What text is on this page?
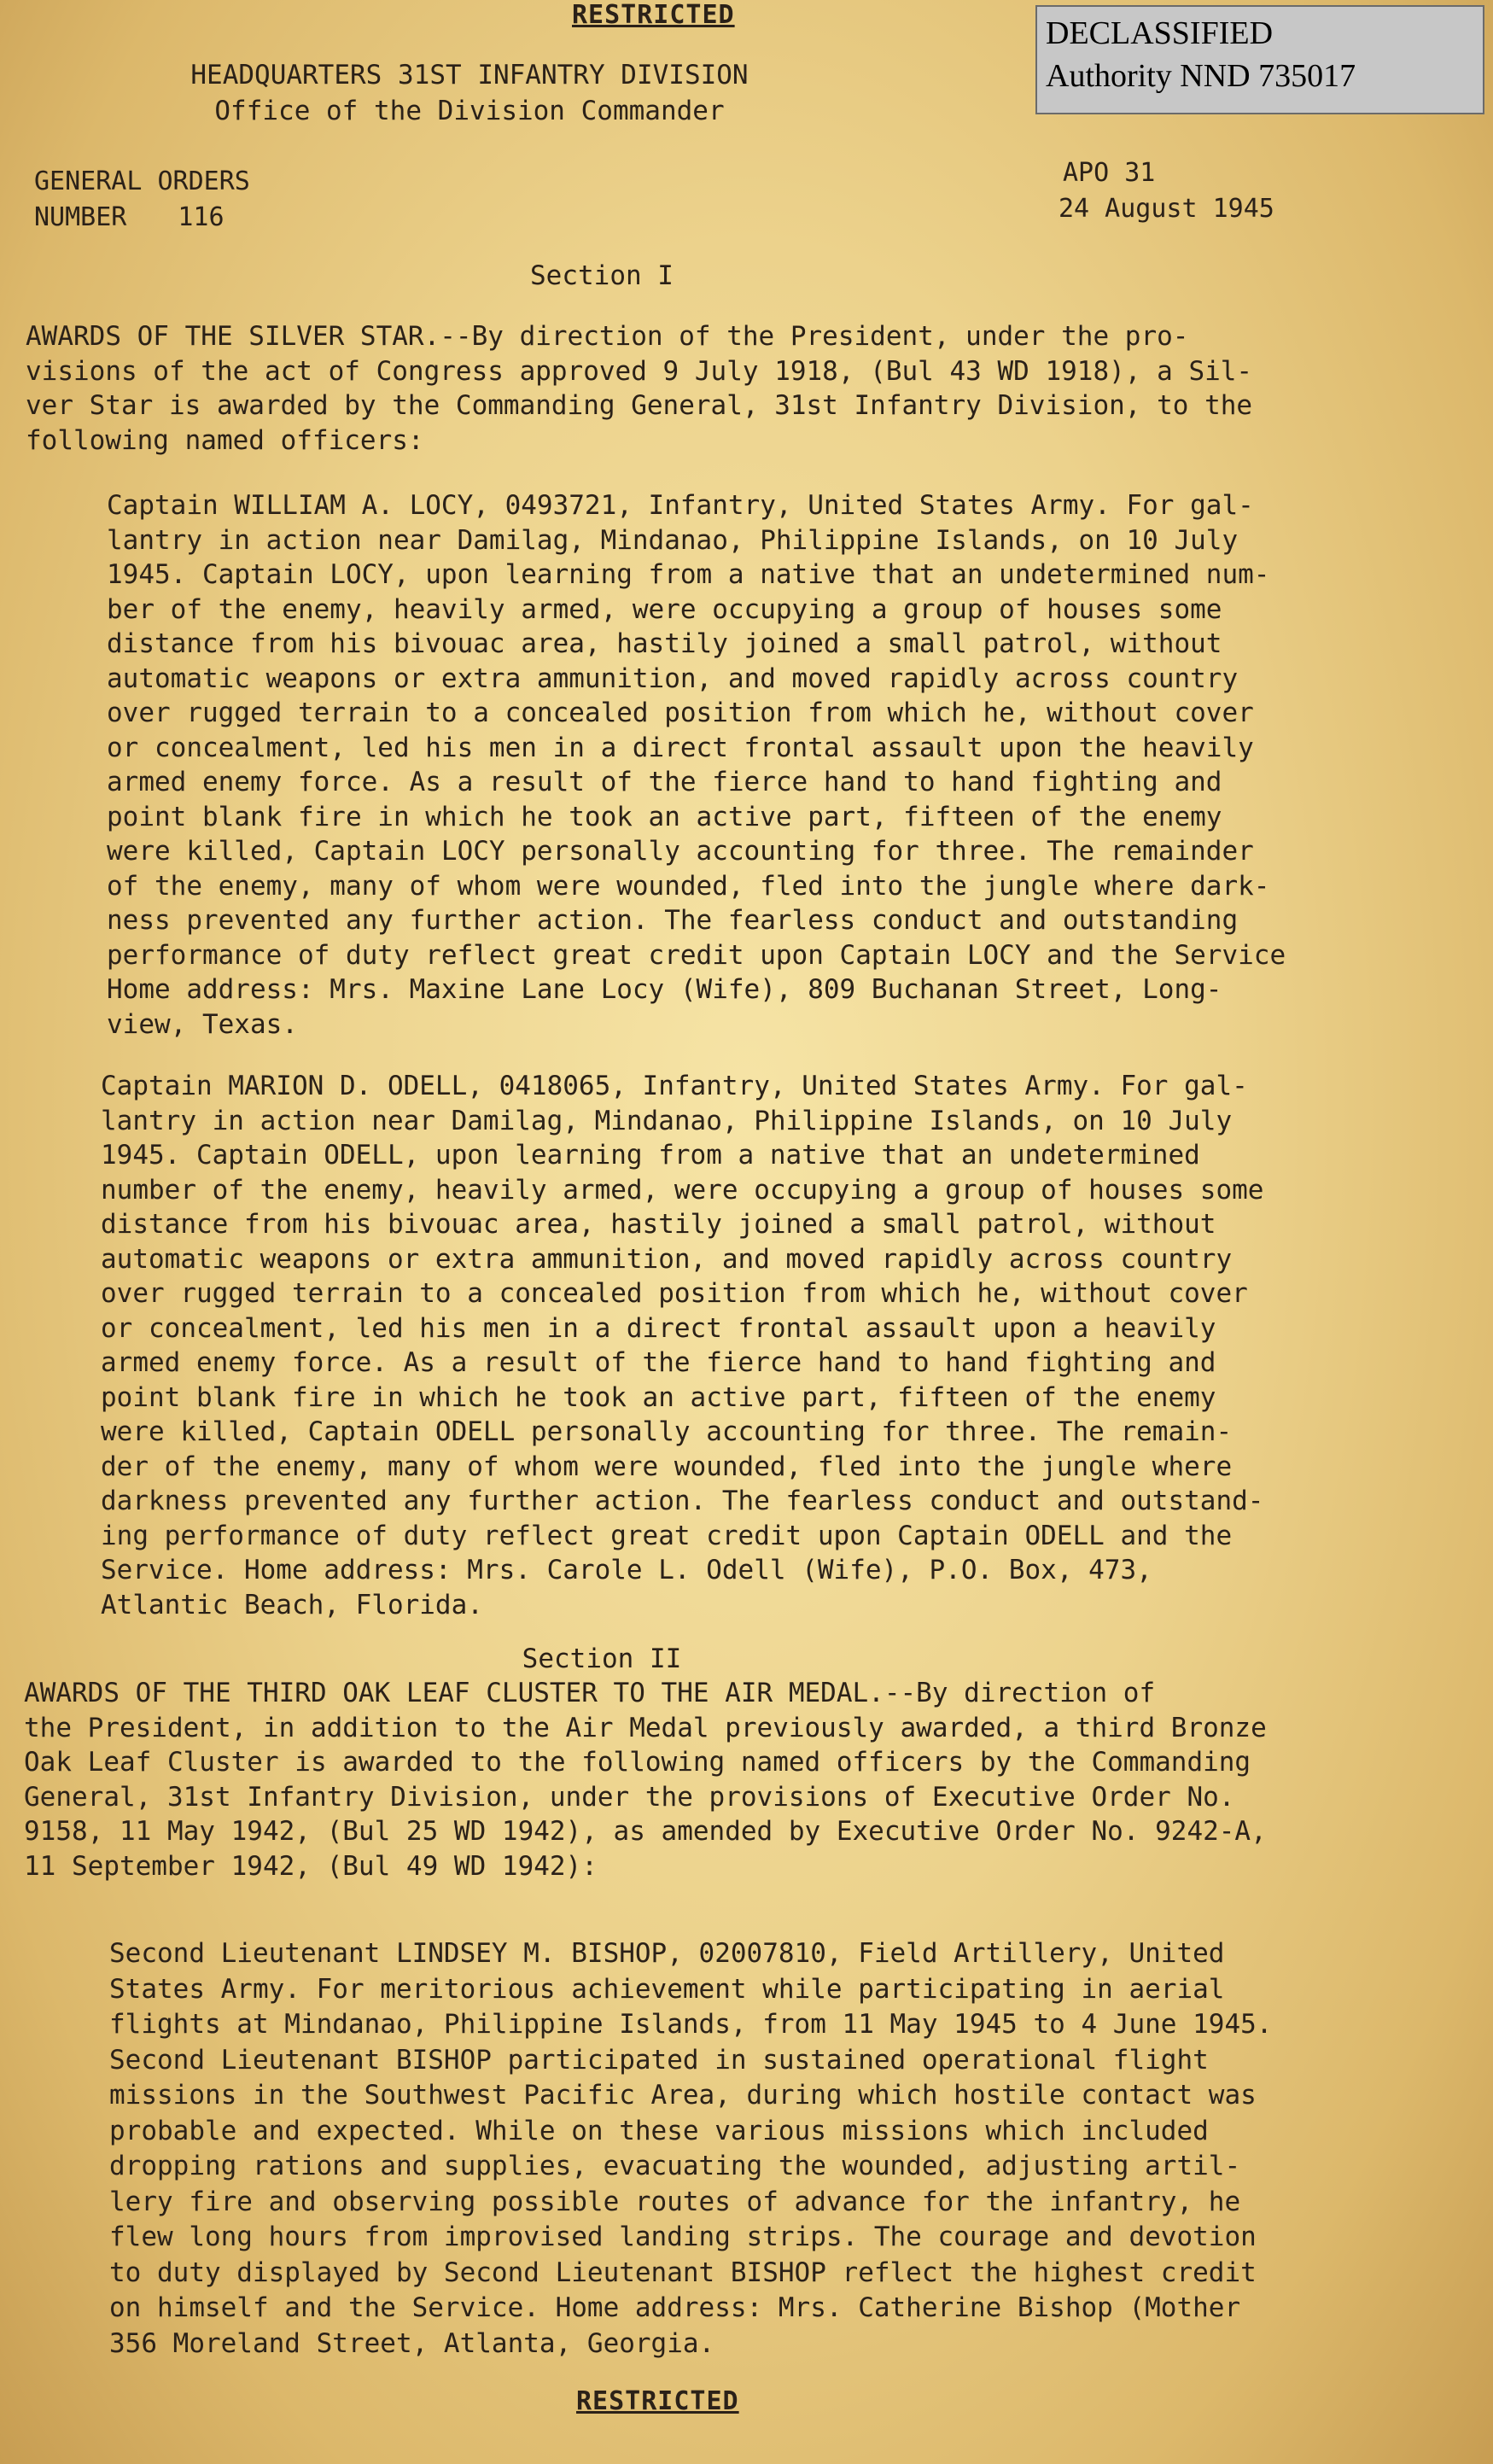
RESTRICTED
DECLASSIFIED
Authority NND 735017
HEADQUARTERS 31ST INFANTRY DIVISION
Office of the Division Commander
GENERAL ORDERS
NUMBER 116
APO 31
24 August 1945
Section I

AWARDS OF THE SILVER STAR.--By direction of the President, under the pro-
visions of the act of Congress approved 9 July 1918, (Bul 43 WD 1918), a Sil-
ver Star is awarded by the Commanding General, 31st Infantry Division, to the
following named officers:

Captain WILLIAM A. LOCY, 0493721, Infantry, United States Army. For gal-
lantry in action near Damilag, Mindanao, Philippine Islands, on 10 July
1945. Captain LOCY, upon learning from a native that an undetermined num-
ber of the enemy, heavily armed, were occupying a group of houses some
distance from his bivouac area, hastily joined a small patrol, without
automatic weapons or extra ammunition, and moved rapidly across country
over rugged terrain to a concealed position from which he, without cover
or concealment, led his men in a direct frontal assault upon the heavily
armed enemy force. As a result of the fierce hand to hand fighting and
point blank fire in which he took an active part, fifteen of the enemy
were killed, Captain LOCY personally accounting for three. The remainder
of the enemy, many of whom were wounded, fled into the jungle where dark-
ness prevented any further action. The fearless conduct and outstanding
performance of duty reflect great credit upon Captain LOCY and the Service
Home address: Mrs. Maxine Lane Locy (Wife), 809 Buchanan Street, Long-
view, Texas.

Captain MARION D. ODELL, 0418065, Infantry, United States Army. For gal-
lantry in action near Damilag, Mindanao, Philippine Islands, on 10 July
1945. Captain ODELL, upon learning from a native that an undetermined
number of the enemy, heavily armed, were occupying a group of houses some
distance from his bivouac area, hastily joined a small patrol, without
automatic weapons or extra ammunition, and moved rapidly across country
over rugged terrain to a concealed position from which he, without cover
or concealment, led his men in a direct frontal assault upon a heavily
armed enemy force. As a result of the fierce hand to hand fighting and
point blank fire in which he took an active part, fifteen of the enemy
were killed, Captain ODELL personally accounting for three. The remain-
der of the enemy, many of whom were wounded, fled into the jungle where
darkness prevented any further action. The fearless conduct and outstand-
ing performance of duty reflect great credit upon Captain ODELL and the
Service. Home address: Mrs. Carole L. Odell (Wife), P.O. Box, 473,
Atlantic Beach, Florida.

Section II

AWARDS OF THE THIRD OAK LEAF CLUSTER TO THE AIR MEDAL.--By direction of
the President, in addition to the Air Medal previously awarded, a third Bronze
Oak Leaf Cluster is awarded to the following named officers by the Commanding
General, 31st Infantry Division, under the provisions of Executive Order No.
9158, 11 May 1942, (Bul 25 WD 1942), as amended by Executive Order No. 9242-A,
11 September 1942, (Bul 49 WD 1942):

Second Lieutenant LINDSEY M. BISHOP, 02007810, Field Artillery, United
States Army. For meritorious achievement while participating in aerial
flights at Mindanao, Philippine Islands, from 11 May 1945 to 4 June 1945.
Second Lieutenant BISHOP participated in sustained operational flight
missions in the Southwest Pacific Area, during which hostile contact was
probable and expected. While on these various missions which included
dropping rations and supplies, evacuating the wounded, adjusting artil-
lery fire and observing possible routes of advance for the infantry, he
flew long hours from improvised landing strips. The courage and devotion
to duty displayed by Second Lieutenant BISHOP reflect the highest credit
on himself and the Service. Home address: Mrs. Catherine Bishop (Mother
356 Moreland Street, Atlanta, Georgia.

RESTRICTED
